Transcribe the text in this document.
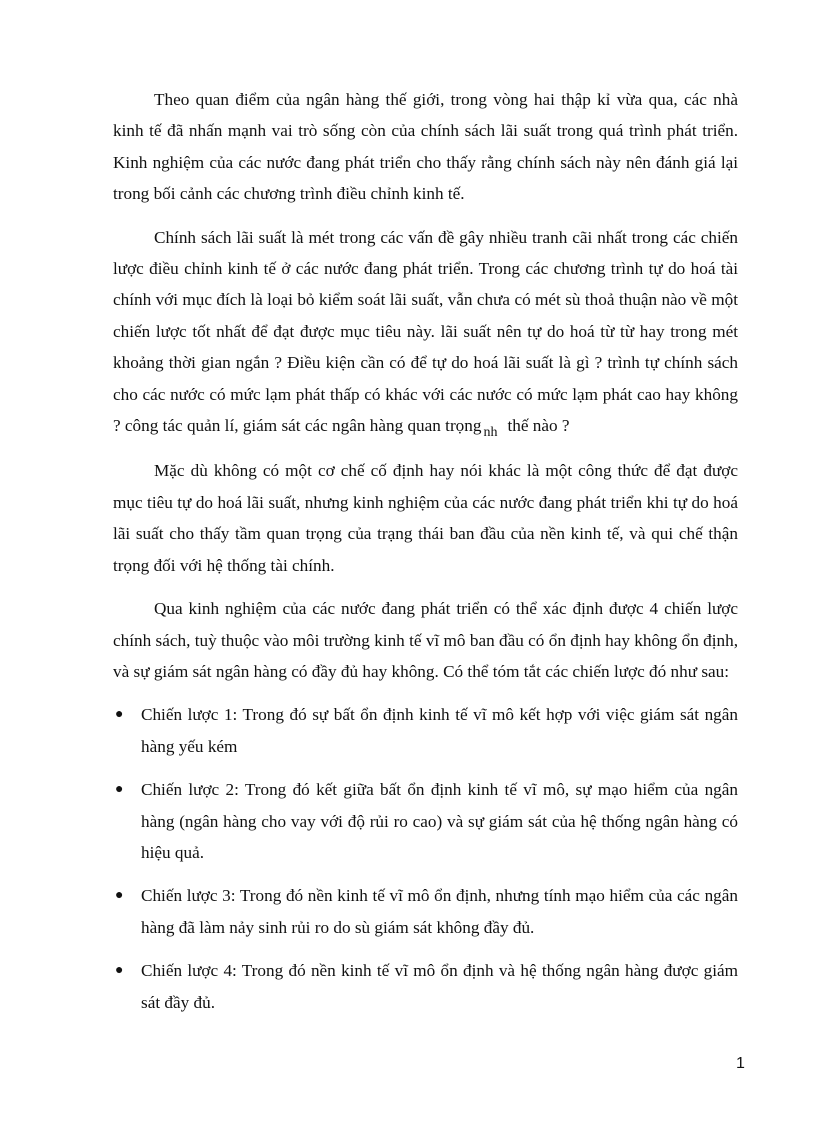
Theo quan điểm của ngân hàng thế giới, trong vòng hai thập kỉ vừa qua, các nhà kinh tế đã nhấn mạnh vai trò sống còn của chính sách lãi suất trong quá trình phát triển. Kinh nghiệm của các nước đang phát triển cho thấy rằng chính sách này nên đánh giá lại trong bối cảnh các chương trình điều chỉnh kinh tế.

Chính sách lãi suất là mét trong các vấn đề gây nhiều tranh cãi nhất trong các chiến lược điều chỉnh kinh tế ở các nước đang phát triển. Trong các chương trình tự do hoá tài chính với mục đích là loại bỏ kiểm soát lãi suất, vẫn chưa có mét sù thoả thuận nào về một chiến lược tốt nhất để đạt được mục tiêu này. lãi suất nên tự do hoá từ từ hay trong mét khoảng thời gian ngắn ? Điều kiện cần có để tự do hoá lãi suất là gì ? trình tự chính sách cho các nước có mức lạm phát thấp có khác với các nước có mức lạm phát cao hay không ? công tác quản lí, giám sát các ngân hàng quan trọng $_{nh}$ thế nào ?

Mặc dù không có một cơ chế cố định hay nói khác là một công thức để đạt được mục tiêu tự do hoá lãi suất, nhưng kinh nghiệm của các nước đang phát triển khi tự do hoá lãi suất cho thấy tầm quan trọng của trạng thái ban đầu của nền kinh tế, và qui chế thận trọng đối với hệ thống tài chính.

Qua kinh nghiệm của các nước đang phát triển có thể xác định được 4 chiến lược chính sách, tuỳ thuộc vào môi trường kinh tế vĩ mô ban đầu có ổn định hay không ổn định, và sự giám sát ngân hàng có đầy đủ hay không. Có thể tóm tắt các chiến lược đó như sau:

● Chiến lược 1: Trong đó sự bất ổn định kinh tế vĩ mô kết hợp với việc giám sát ngân hàng yếu kém
● Chiến lược 2: Trong đó kết giữa bất ổn định kinh tế vĩ mô, sự mạo hiểm của ngân hàng (ngân hàng cho vay với độ rủi ro cao) và sự giám sát của hệ thống ngân hàng có hiệu quả.
● Chiến lược 3: Trong đó nền kinh tế vĩ mô ổn định, nhưng tính mạo hiểm của các ngân hàng đã làm nảy sinh rủi ro do sù giám sát không đầy đủ.
● Chiến lược 4: Trong đó nền kinh tế vĩ mô ổn định và hệ thống ngân hàng được giám sát đầy đủ.
1
